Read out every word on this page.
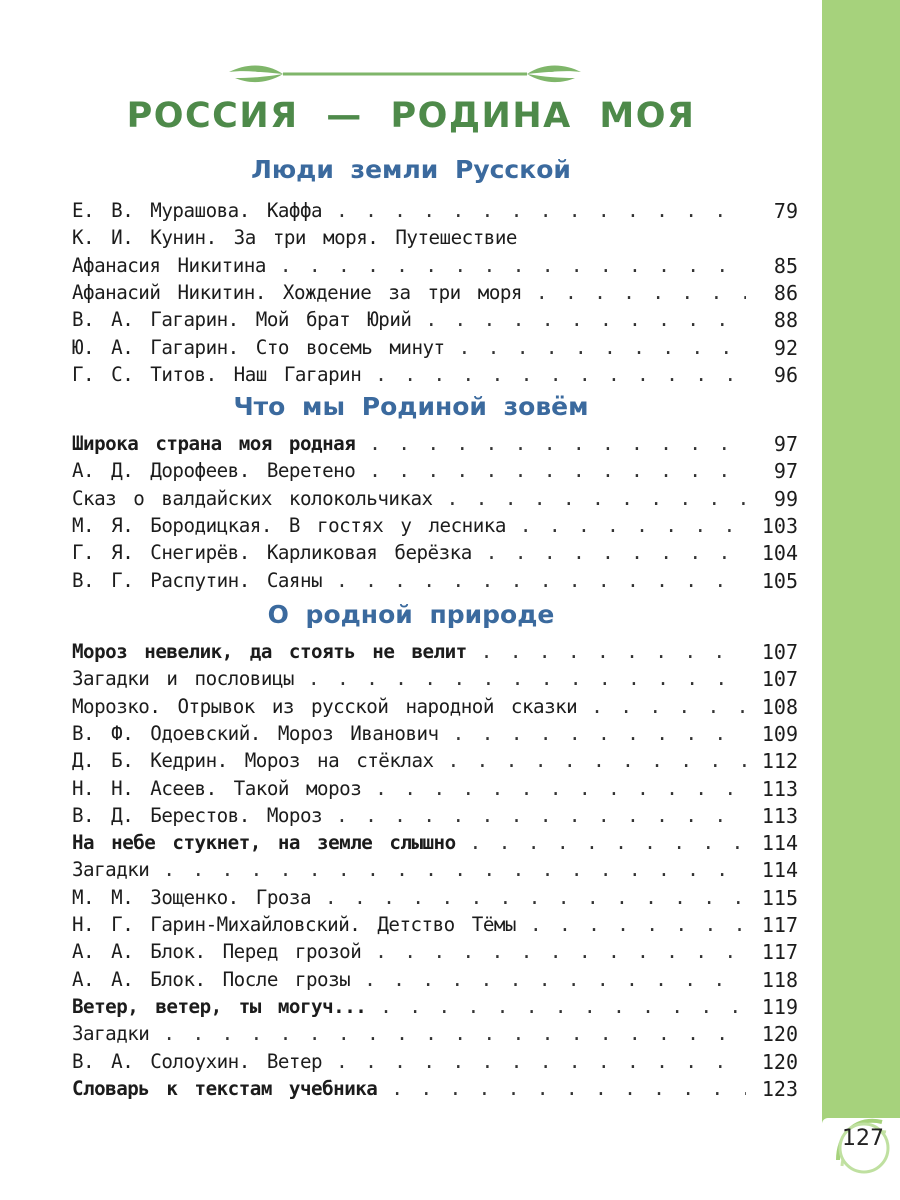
РОССИЯ — РОДИНА МОЯ
Люди земли Русской
Е. В. Мурашова. Каффа . . .	79
К. И. Кунин. За три моря. Путешествие
Афанасия Никитина . . .	85
Афанасий Никитин. Хождение за три моря . . .	86
В. А. Гагарин. Мой брат Юрий . . .	88
Ю. А. Гагарин. Сто восемь минут . . .	92
Г. С. Титов. Наш Гагарин . . .	96
Что мы Родиной зовём
Широка страна моя родная . . .	97
А. Д. Дорофеев. Веретено . . .	97
Сказ о валдайских колокольчиках . . .	99
М. Я. Бородицкая. В гостях у лесника . . .	103
Г. Я. Снегирёв. Карликовая берёзка . . .	104
В. Г. Распутин. Саяны . . .	105
О родной природе
Мороз невелик, да стоять не велит . . .	107
Загадки и пословицы . . .	107
Морозко. Отрывок из русской народной сказки . . .	108
В. Ф. Одоевский. Мороз Иванович . . .	109
Д. Б. Кедрин. Мороз на стёклах . . .	112
Н. Н. Асеев. Такой мороз . . .	113
В. Д. Берестов. Мороз . . .	113
На небе стукнет, на земле слышно . . .	114
Загадки . . .	114
М. М. Зощенко. Гроза . . .	115
Н. Г. Гарин-Михайловский. Детство Тёмы . . .	117
А. А. Блок. Перед грозой . . .	117
А. А. Блок. После грозы . . .	118
Ветер, ветер, ты могуч... . . .	119
Загадки . . .	120
В. А. Солоухин. Ветер . . .	120
Словарь к текстам учебника . . .	123
127
